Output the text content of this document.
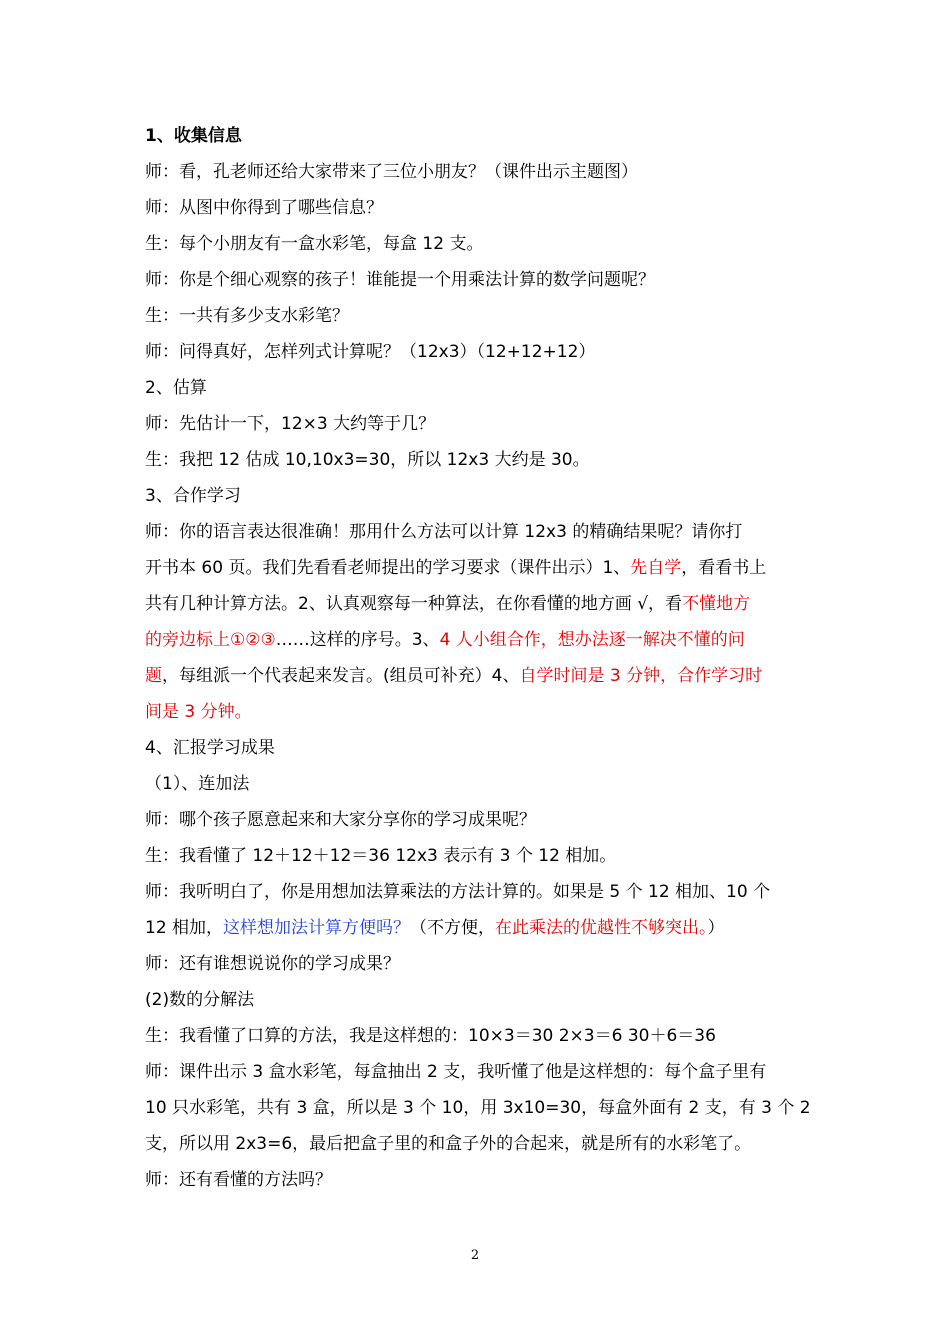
1、收集信息
师：看，孔老师还给大家带来了三位小朋友？（课件出示主题图）
师：从图中你得到了哪些信息？
生：每个小朋友有一盒水彩笔，每盒 12 支。
师：你是个细心观察的孩子！谁能提一个用乘法计算的数学问题呢？
生：一共有多少支水彩笔？
师：问得真好，怎样列式计算呢？（12x3）（12+12+12）
2、估算
师：先估计一下，12×3 大约等于几？
生：我把 12 估成 10,10x3=30，所以 12x3 大约是 30。
3、合作学习
师：你的语言表达很准确！那用什么方法可以计算 12x3 的精确结果呢？请你打
开书本 60 页。我们先看看老师提出的学习要求（课件出示）1、先自学，看看书上
共有几种计算方法。2、认真观察每一种算法，在你看懂的地方画 √，看不懂地方
的旁边标上①②③……这样的序号。3、4 人小组合作，想办法逐一解决不懂的问
题，每组派一个代表起来发言。(组员可补充）4、自学时间是 3 分钟，合作学习时
间是 3 分钟。
4、汇报学习成果
（1）、连加法
师：哪个孩子愿意起来和大家分享你的学习成果呢？
生：我看懂了 12＋12＋12＝36 12x3 表示有 3 个 12 相加。
师：我听明白了，你是用想加法算乘法的方法计算的。如果是 5 个 12 相加、10 个
12 相加，这样想加法计算方便吗？（不方便，在此乘法的优越性不够突出。）
师：还有谁想说说你的学习成果？
(2)数的分解法
生：我看懂了口算的方法，我是这样想的：10×3＝30 2×3＝6 30＋6＝36
师：课件出示 3 盒水彩笔，每盒抽出 2 支，我听懂了他是这样想的：每个盒子里有
10 只水彩笔，共有 3 盒，所以是 3 个 10，用 3x10=30，每盒外面有 2 支，有 3 个 2
支，所以用 2x3=6，最后把盒子里的和盒子外的合起来，就是所有的水彩笔了。
师：还有看懂的方法吗？
2
